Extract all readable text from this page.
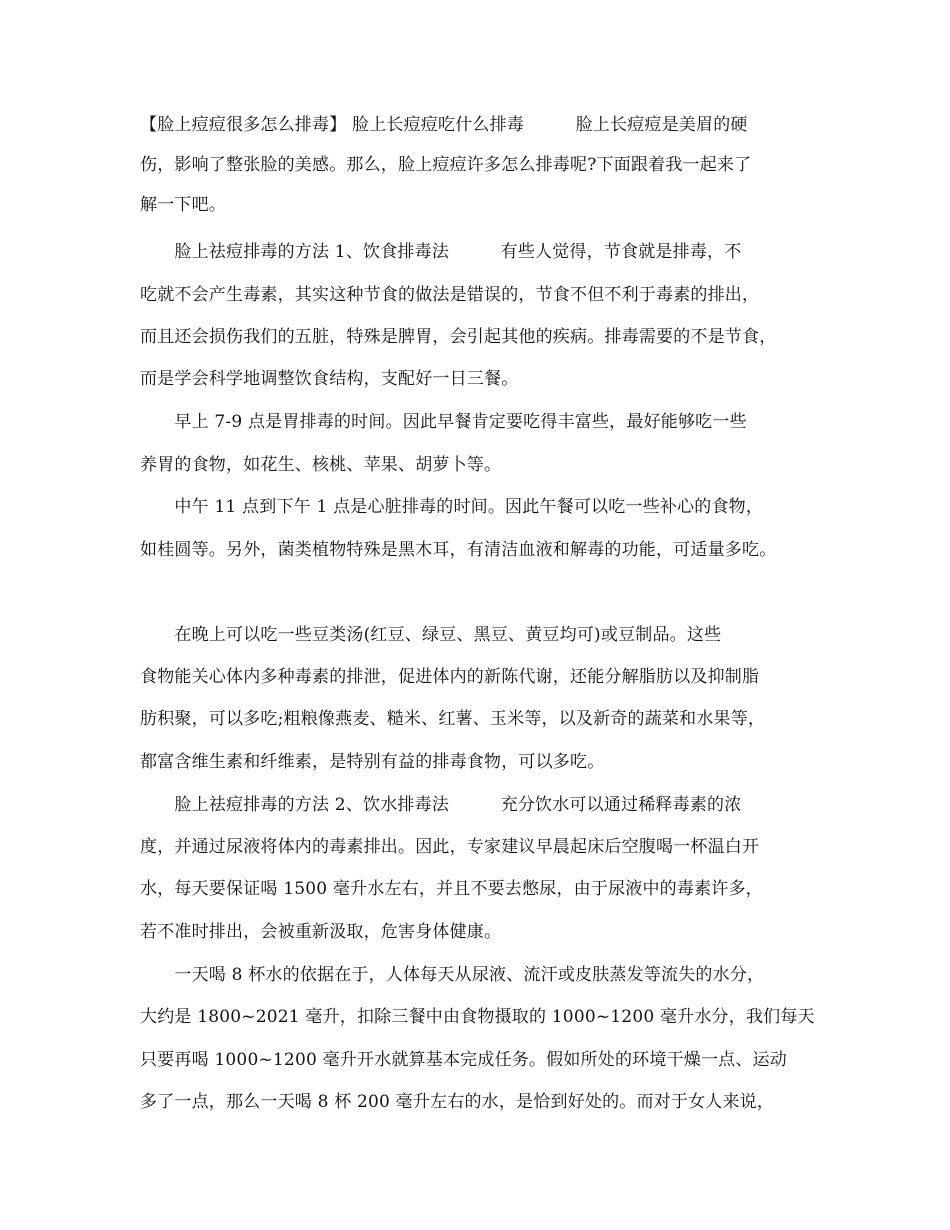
【脸上痘痘很多怎么排毒】 脸上长痘痘吃什么排毒　　　脸上长痘痘是美眉的硬
伤，影响了整张脸的美感。那么，脸上痘痘许多怎么排毒呢?下面跟着我一起来了
解一下吧。
　　脸上祛痘排毒的方法 1、饮食排毒法　　　有些人觉得，节食就是排毒，不
吃就不会产生毒素，其实这种节食的做法是错误的，节食不但不利于毒素的排出，
而且还会损伤我们的五脏，特殊是脾胃，会引起其他的疾病。排毒需要的不是节食，
而是学会科学地调整饮食结构，支配好一日三餐。
　　早上 7-9 点是胃排毒的时间。因此早餐肯定要吃得丰富些，最好能够吃一些
养胃的食物，如花生、核桃、苹果、胡萝卜等。
　　中午 11 点到下午 1 点是心脏排毒的时间。因此午餐可以吃一些补心的食物，
如桂圆等。另外，菌类植物特殊是黑木耳，有清洁血液和解毒的功能，可适量多吃。
　　在晚上可以吃一些豆类汤(红豆、绿豆、黑豆、黄豆均可)或豆制品。这些
食物能关心体内多种毒素的排泄，促进体内的新陈代谢，还能分解脂肪以及抑制脂
肪积聚，可以多吃;粗粮像燕麦、糙米、红薯、玉米等，以及新奇的蔬菜和水果等，
都富含维生素和纤维素，是特别有益的排毒食物，可以多吃。
　　脸上祛痘排毒的方法 2、饮水排毒法　　　充分饮水可以通过稀释毒素的浓
度，并通过尿液将体内的毒素排出。因此，专家建议早晨起床后空腹喝一杯温白开
水，每天要保证喝 1500 毫升水左右，并且不要去憋尿，由于尿液中的毒素许多，
若不准时排出，会被重新汲取，危害身体健康。
　　一天喝 8 杯水的依据在于，人体每天从尿液、流汗或皮肤蒸发等流失的水分，
大约是 1800~2021 毫升，扣除三餐中由食物摄取的 1000~1200 毫升水分，我们每天
只要再喝 1000~1200 毫升开水就算基本完成任务。假如所处的环境干燥一点、运动
多了一点，那么一天喝 8 杯 200 毫升左右的水，是恰到好处的。而对于女人来说，
